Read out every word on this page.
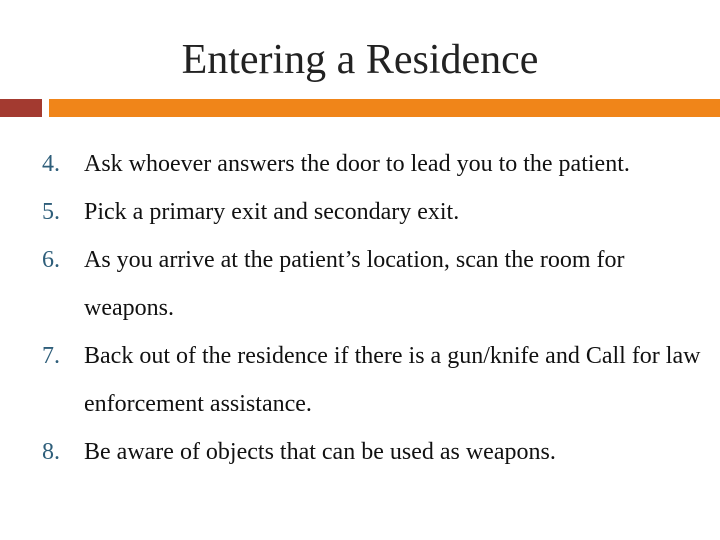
Entering a Residence
4.	Ask whoever answers the door to lead you to the patient.
5.	Pick a primary exit and secondary exit.
6.	As you arrive at the patient’s location, scan the room for weapons.
7.	Back out of the residence if there is a gun/knife and Call for law enforcement assistance.
8.	Be aware of objects that can be used as weapons.
